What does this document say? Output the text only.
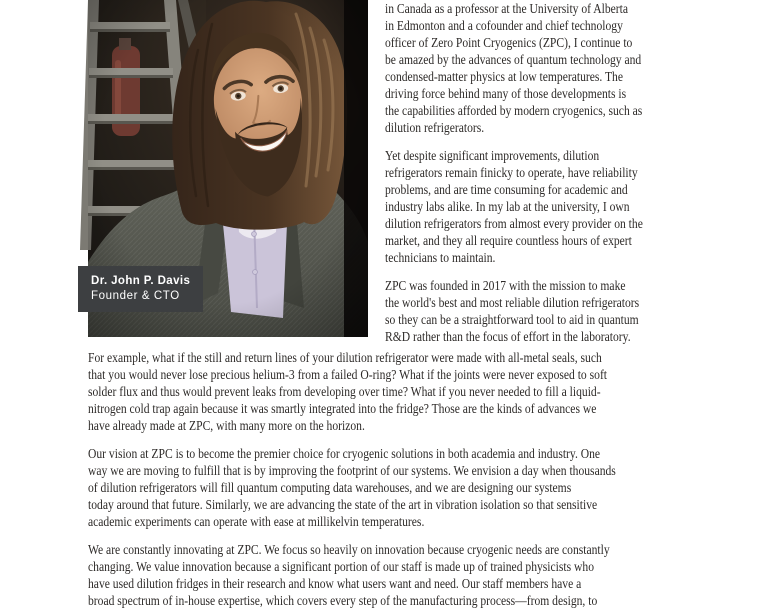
Dr. John P. Davis
Founder & CTO
in Canada as a professor at the University of Alberta
in Edmonton and a cofounder and chief technology
officer of Zero Point Cryogenics (ZPC), I continue to
be amazed by the advances of quantum technology and
condensed-matter physics at low temperatures. The
driving force behind many of those developments is
the capabilities afforded by modern cryogenics, such as
dilution refrigerators.
Yet despite significant improvements, dilution
refrigerators remain finicky to operate, have reliability
problems, and are time consuming for academic and
industry labs alike. In my lab at the university, I own
dilution refrigerators from almost every provider on the
market, and they all require countless hours of expert
technicians to maintain.
ZPC was founded in 2017 with the mission to make
the world's best and most reliable dilution refrigerators
so they can be a straightforward tool to aid in quantum
R&D rather than the focus of effort in the laboratory.
For example, what if the still and return lines of your dilution refrigerator were made with all-metal seals, such
that you would never lose precious helium-3 from a failed O-ring? What if the joints were never exposed to soft
solder flux and thus would prevent leaks from developing over time? What if you never needed to fill a liquid-
nitrogen cold trap again because it was smartly integrated into the fridge? Those are the kinds of advances we
have already made at ZPC, with many more on the horizon.
Our vision at ZPC is to become the premier choice for cryogenic solutions in both academia and industry. One
way we are moving to fulfill that is by improving the footprint of our systems. We envision a day when thousands
of dilution refrigerators will fill quantum computing data warehouses, and we are designing our systems
today around that future. Similarly, we are advancing the state of the art in vibration isolation so that sensitive
academic experiments can operate with ease at millikelvin temperatures.
We are constantly innovating at ZPC. We focus so heavily on innovation because cryogenic needs are constantly
changing. We value innovation because a significant portion of our staff is made up of trained physicists who
have used dilution fridges in their research and know what users want and need. Our staff members have a
broad spectrum of in-house expertise, which covers every step of the manufacturing process—from design, to
